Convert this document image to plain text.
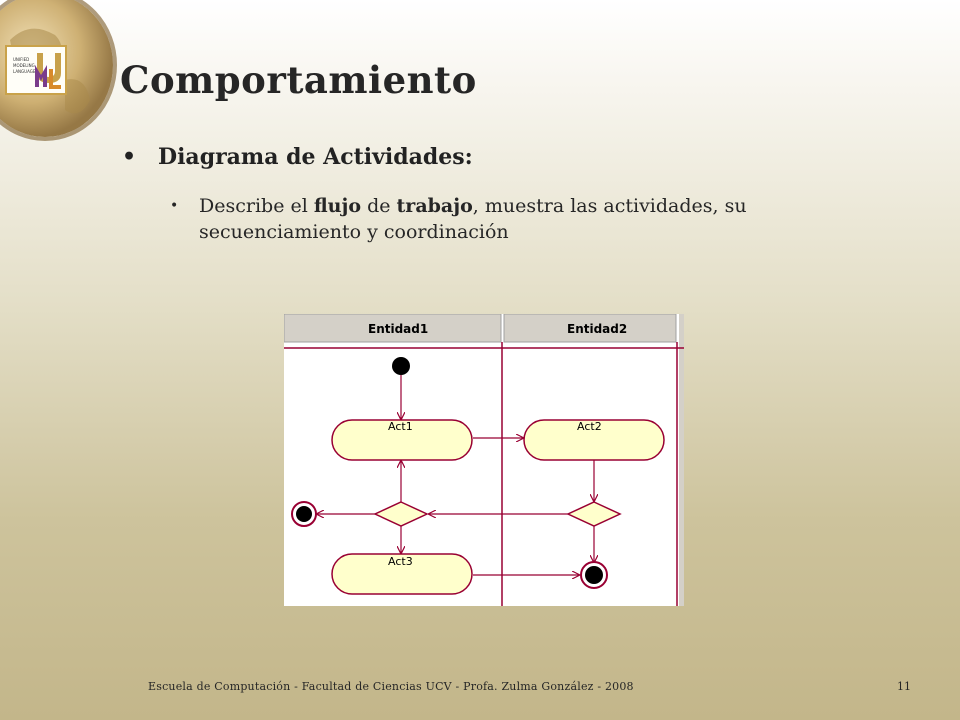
UNIFIED
MODELING
LANGUAGE Comportamiento
• Diagrama de Actividades:
• Describe el flujo de trabajo, muestra las actividades, su secuenciamiento y coordinación
Entidad1	Entidad2
Act1	Act2
Act3
Escuela de Computación - Facultad de Ciencias UCV - Profa. Zulma González - 2008	11
